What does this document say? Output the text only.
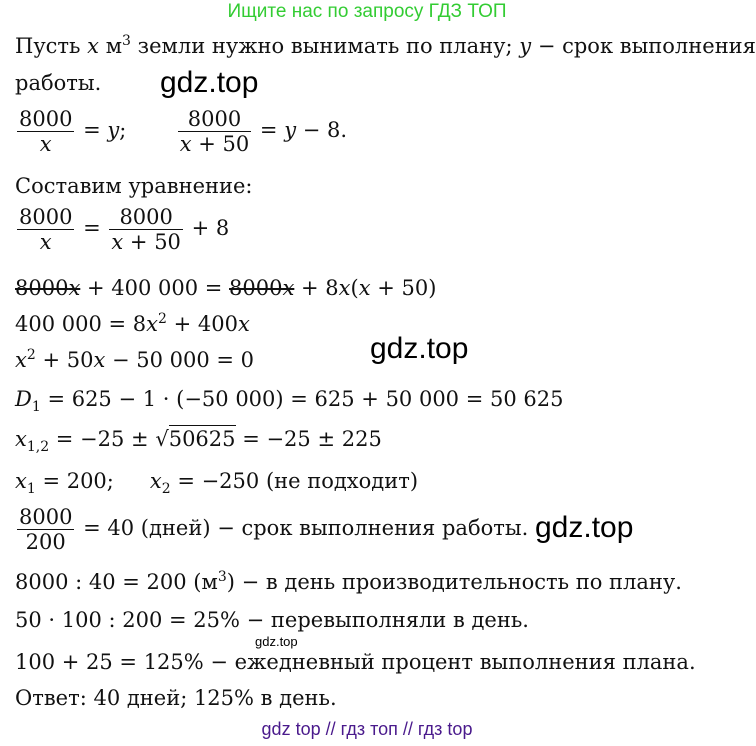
Ищите нас по запросу ГДЗ ТОП
Пусть x $м^3$ земли нужно вынимать по плану; y − срок выполнения
работы. gdz.top
$\frac{8000}{x} = y$; $\frac{8000}{x + 50} = y - 8$.
Составим уравнение:
$\frac{8000}{x} = \frac{8000}{x + 50} + 8$
8000x + 400 000 = 8000x + 8x(x + 50)
400 $000 = 8x^2 + 400x$
$x^2 + 50x - 50$ 000 = 0	gdz.top
$D_1 = 625 - 1 \cdot (-50$ 000) = 625 + 50 000 = 50 625
$x_{1,2} = -25 \pm √50625 = -25 \pm 225$
$x_1 = 200$; $x_2 = -250$ (не подходит)
$\frac{8000}{200} = 40$ (дней) − срок выполнения работы. gdz.top
8000 : 40 = 200 $(м^3) - в$ день производительность по плану.
50 · 100 : 200 = 25% − перевыполняли в день.
gdz.top
100 + 25 = 125% − ежедневный процент выполнения плана.
Ответ: 40 дней; 125% в день.
gdz top // гдз топ // гдз top
